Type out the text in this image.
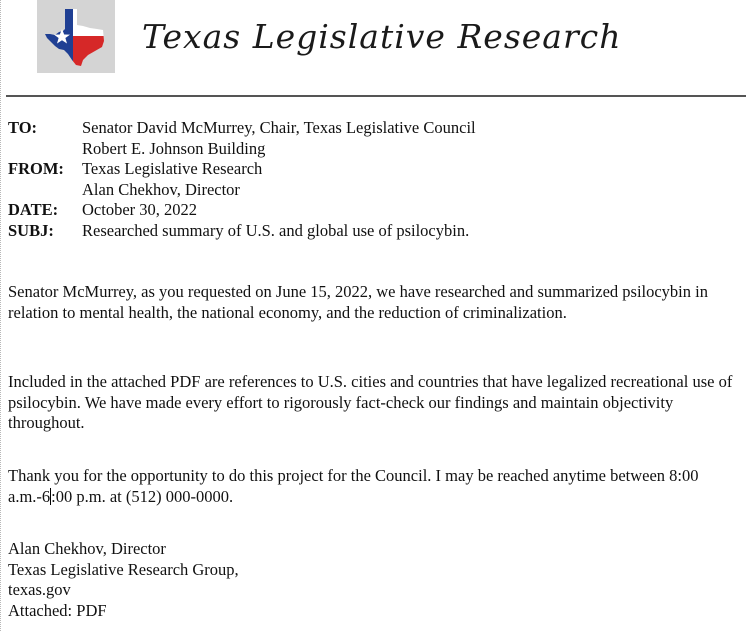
Texas Legislative Research
TO:	Senator David McMurrey, Chair, Texas Legislative Council
Robert E. Johnson Building
FROM: Texas Legislative Research
Alan Chekhov, Director
DATE: October 30, 2022
SUBJ: Researched summary of U.S. and global use of psilocybin.

Senator McMurrey, as you requested on June 15, 2022, we have researched and summarized psilocybin in relation to mental health, the national economy, and the reduction of criminalization.

Included in the attached PDF are references to U.S. cities and countries that have legalized recreational use of psilocybin. We have made every effort to rigorously fact-check our findings and maintain objectivity throughout.

Thank you for the opportunity to do this project for the Council. I may be reached anytime between 8:00 a.m.-6:00 p.m. at (512) 000-0000.

Alan Chekhov, Director
Texas Legislative Research Group,
texas.gov
Attached: PDF
